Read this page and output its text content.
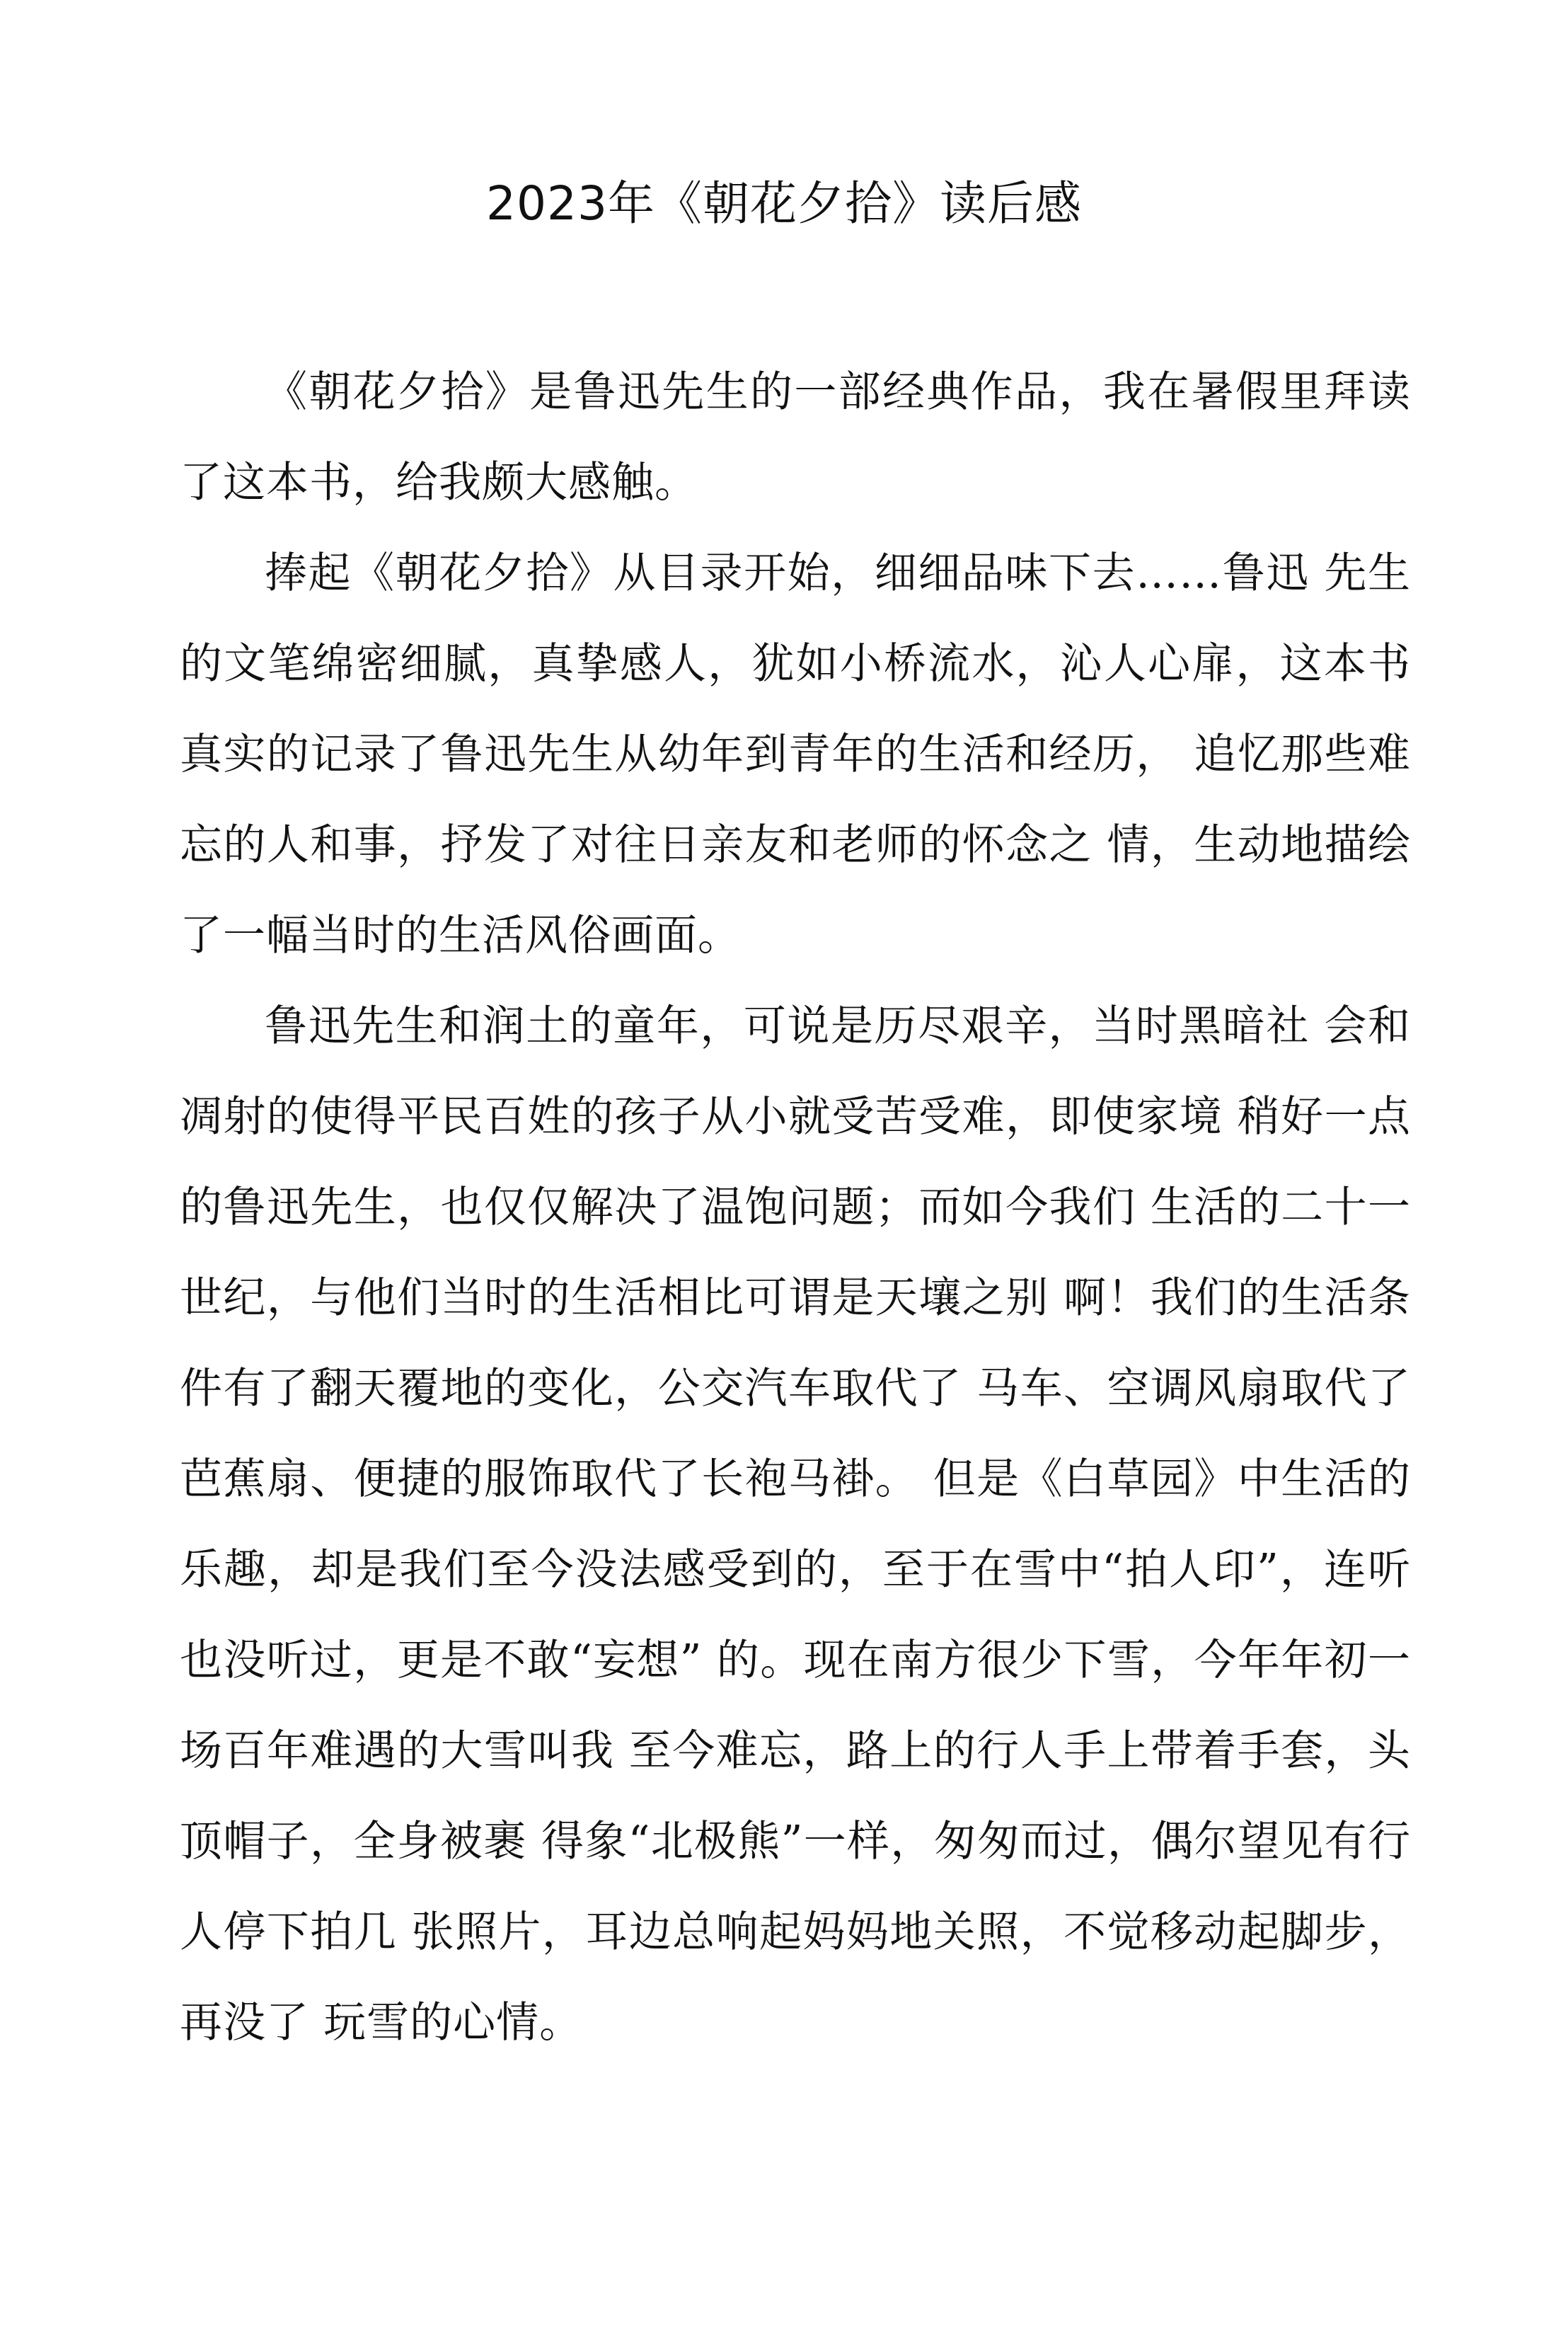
2023年《朝花夕拾》读后感

《朝花夕拾》是鲁迅先生的一部经典作品，我在暑假里拜读了这本书，给我颇大感触。

捧起《朝花夕拾》从目录开始，细细品味下去……鲁迅 先生的文笔绵密细腻，真挚感人，犹如小桥流水，沁人心扉，这本书真实的记录了鲁迅先生从幼年到青年的生活和经历， 追忆那些难忘的人和事，抒发了对往日亲友和老师的怀念之 情，生动地描绘了一幅当时的生活风俗画面。

鲁迅先生和润土的童年，可说是历尽艰辛，当时黑暗社 会和凋射的使得平民百姓的孩子从小就受苦受难，即使家境 稍好一点的鲁迅先生，也仅仅解决了温饱问题；而如今我们 生活的二十一世纪，与他们当时的生活相比可谓是天壤之别 啊！我们的生活条件有了翻天覆地的变化，公交汽车取代了 马车、空调风扇取代了芭蕉扇、便捷的服饰取代了长袍马褂。 但是《白草园》中生活的乐趣，却是我们至今没法感受到的，至于在雪中“拍人印”，连听也没听过，更是不敢“妄想” 的。现在南方很少下雪，今年年初一场百年难遇的大雪叫我 至今难忘，路上的行人手上带着手套，头顶帽子，全身被裹 得象“北极熊”一样，匆匆而过，偶尔望见有行人停下拍几 张照片，耳边总响起妈妈地关照，不觉移动起脚步，再没了 玩雪的心情。
